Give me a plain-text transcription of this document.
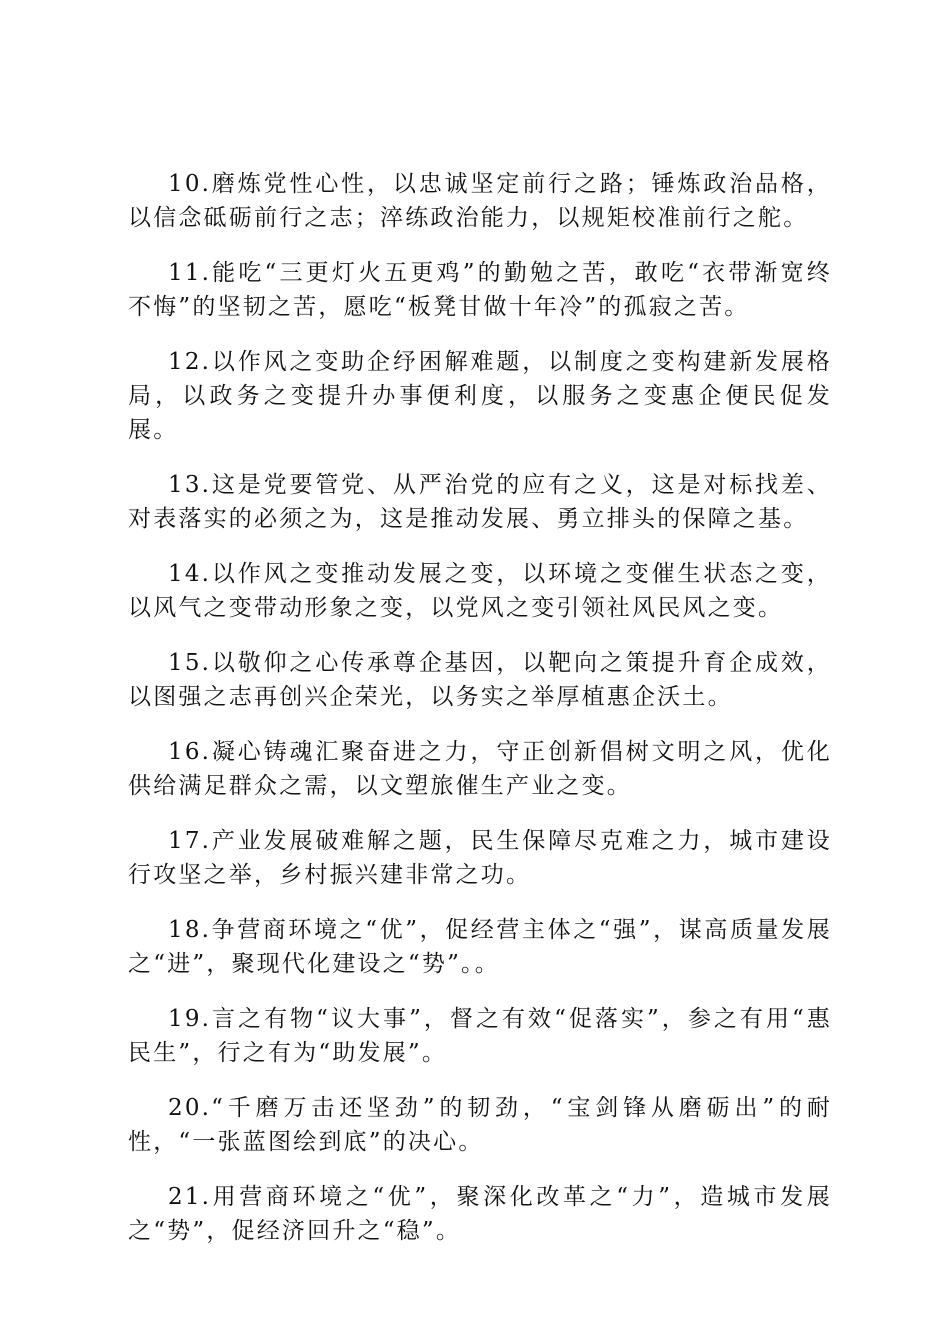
10.磨炼党性心性，以忠诚坚定前行之路；锤炼政治品格，以信念砥砺前行之志；淬练政治能力，以规矩校准前行之舵。

11.能吃“三更灯火五更鸡”的勤勉之苦，敢吃“衣带渐宽终不悔”的坚韧之苦，愿吃“板凳甘做十年冷”的孤寂之苦。

12.以作风之变助企纾困解难题，以制度之变构建新发展格局，以政务之变提升办事便利度，以服务之变惠企便民促发展。

13.这是党要管党、从严治党的应有之义，这是对标找差、对表落实的必须之为，这是推动发展、勇立排头的保障之基。

14.以作风之变推动发展之变，以环境之变催生状态之变，以风气之变带动形象之变，以党风之变引领社风民风之变。

15.以敬仰之心传承尊企基因，以靶向之策提升育企成效，以图强之志再创兴企荣光，以务实之举厚植惠企沃土。

16.凝心铸魂汇聚奋进之力，守正创新倡树文明之风，优化供给满足群众之需，以文塑旅催生产业之变。

17.产业发展破难解之题，民生保障尽克难之力，城市建设行攻坚之举，乡村振兴建非常之功。

18.争营商环境之“优”，促经营主体之“强”，谋高质量发展之“进”，聚现代化建设之“势”。。

19.言之有物“议大事”，督之有效“促落实”，参之有用“惠民生”，行之有为“助发展”。

20.“千磨万击还坚劲”的韧劲，“宝剑锋从磨砺出”的耐性，“一张蓝图绘到底”的决心。

21.用营商环境之“优”，聚深化改革之“力”，造城市发展之“势”，促经济回升之“稳”。
